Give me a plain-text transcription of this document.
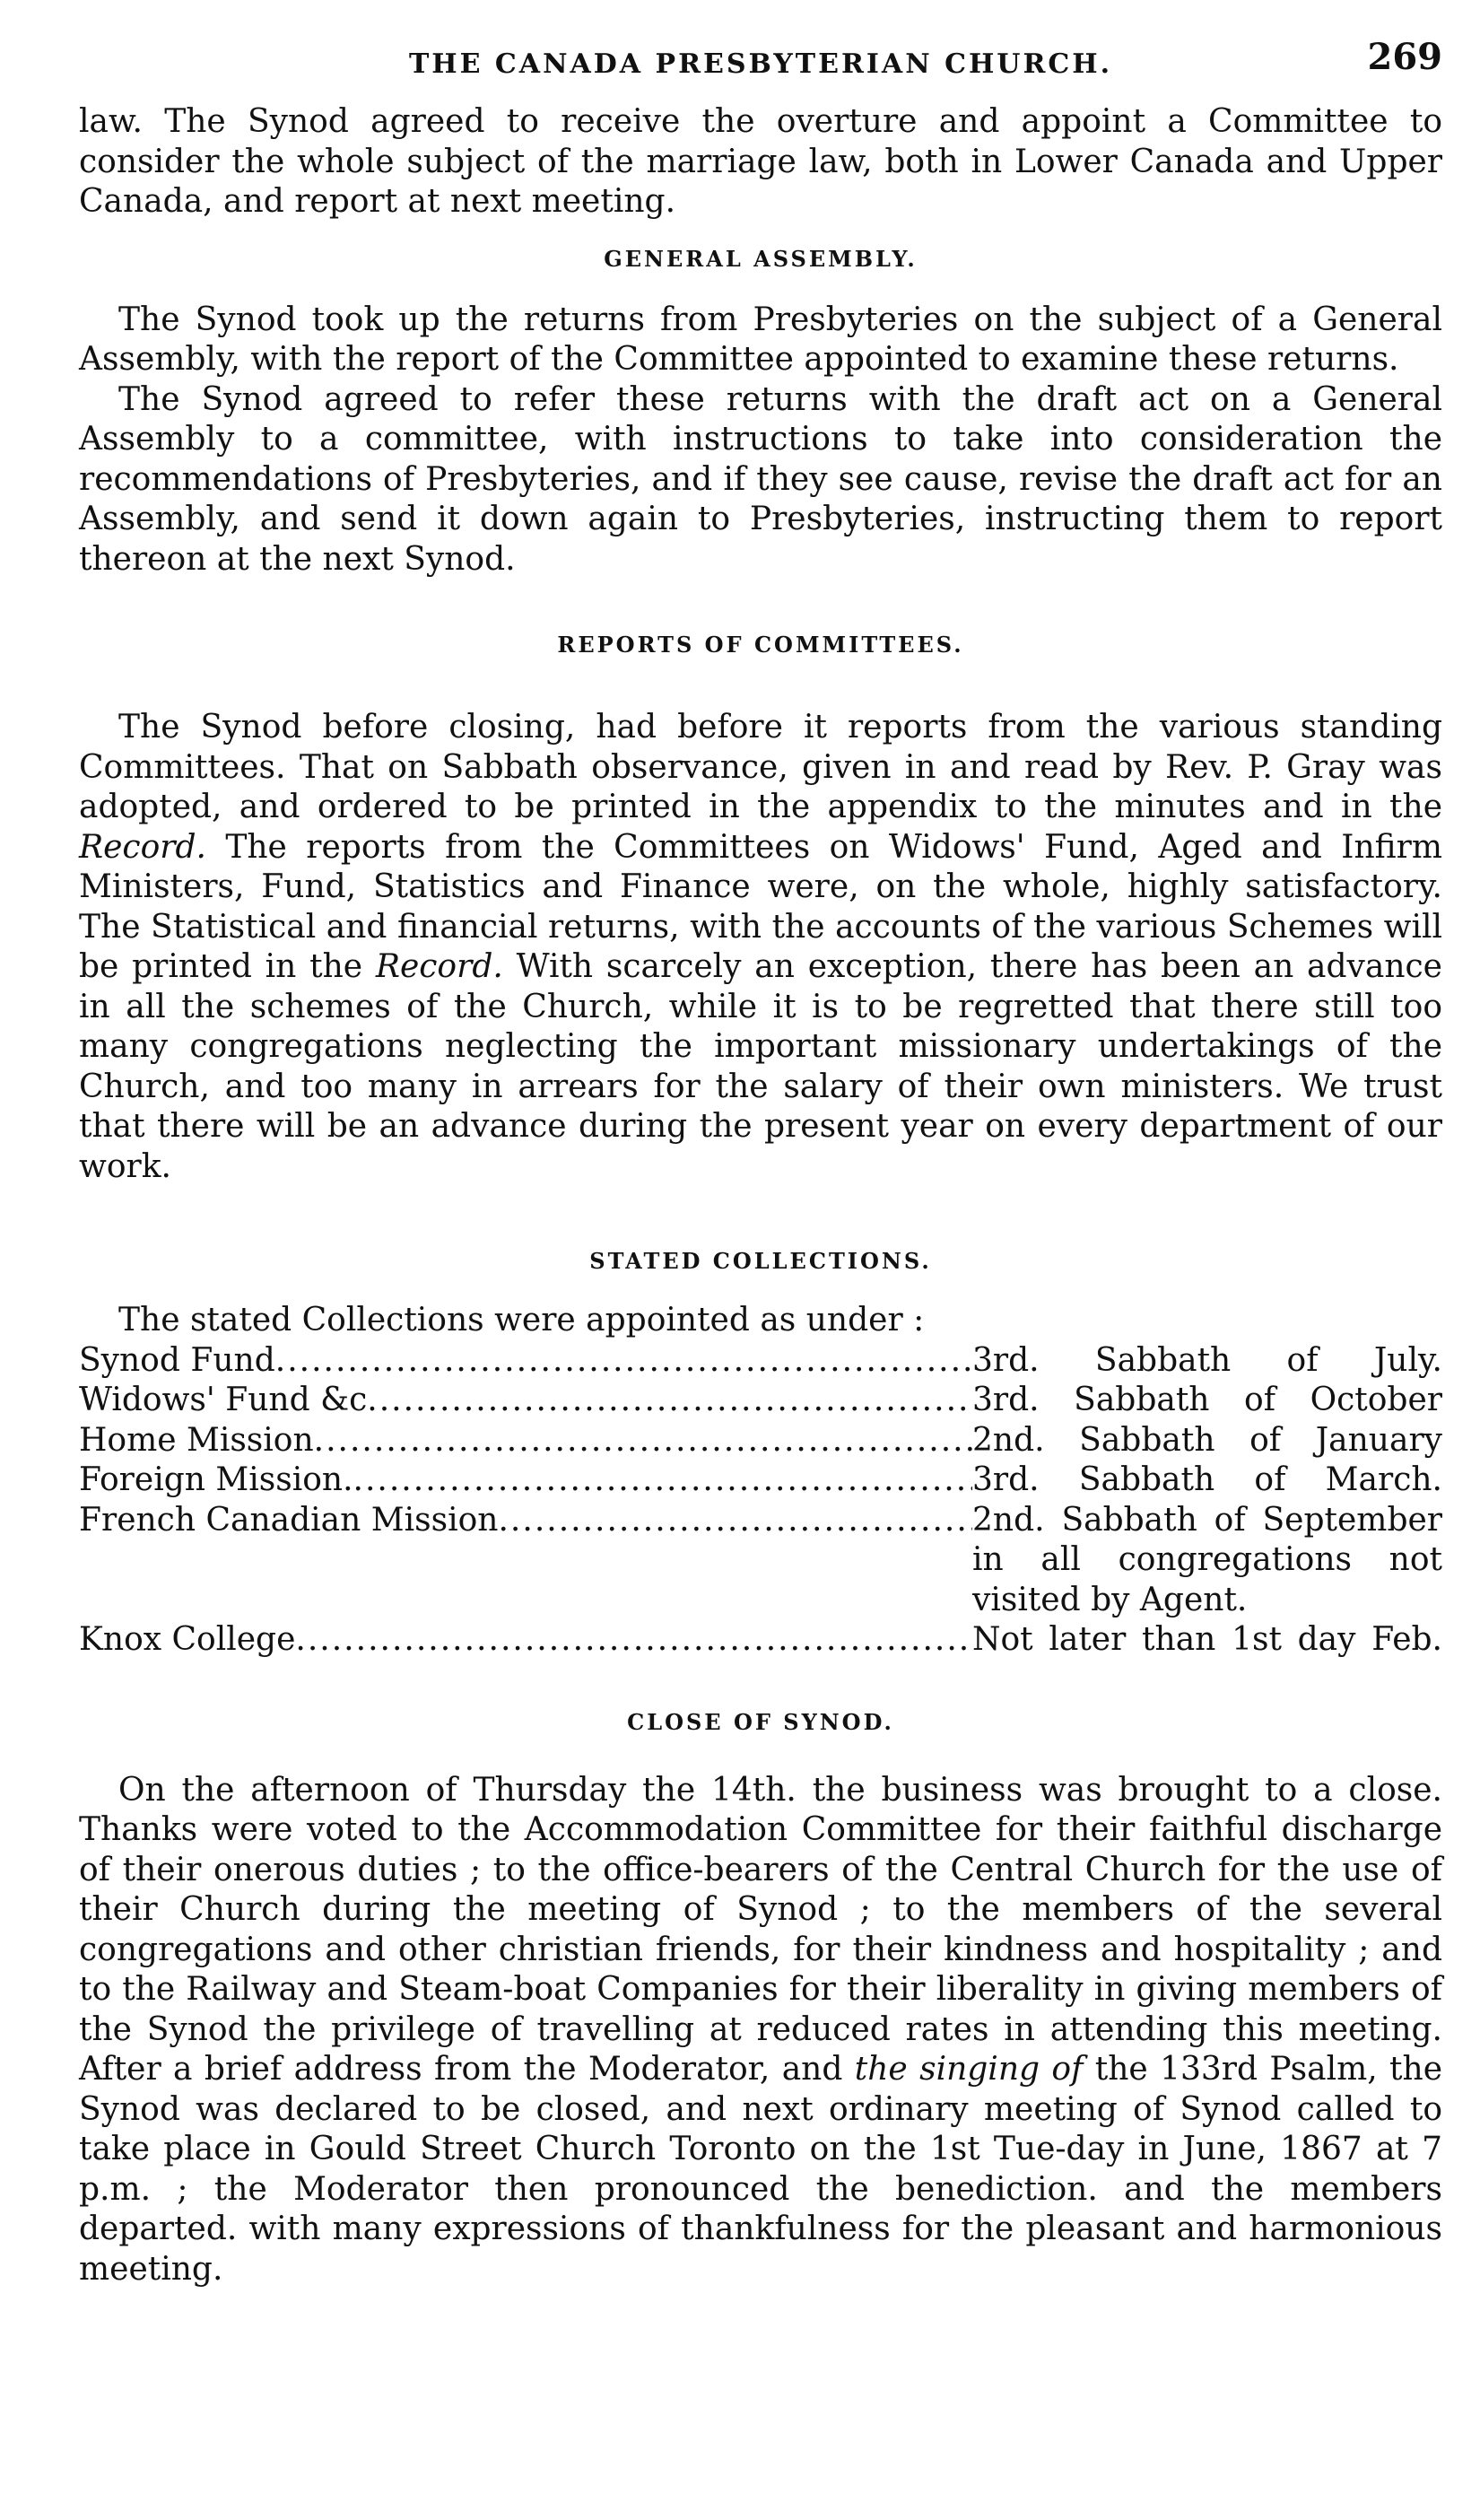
THE CANADA PRESBYTERIAN CHURCH.	269

law. The Synod agreed to receive the overture and appoint a Committee to consider the whole subject of the marriage law, both in Lower Canada and Upper Canada, and report at next meeting.

GENERAL ASSEMBLY.

The Synod took up the returns from Presbyteries on the subject of a General Assembly, with the report of the Committee appointed to examine these returns.

The Synod agreed to refer these returns with the draft act on a General Assembly to a committee, with instructions to take into consideration the recommendations of Presbyteries, and if they see cause, revise the draft act for an Assembly, and send it down again to Presbyteries, instructing them to report thereon at the next Synod.

REPORTS OF COMMITTEES.

The Synod before closing, had before it reports from the various standing Committees. That on Sabbath observance, given in and read by Rev. P. Gray was adopted, and ordered to be printed in the appendix to the minutes and in the Record. The reports from the Committees on Widows' Fund, Aged and Infirm Ministers, Fund, Statistics and Finance were, on the whole, highly satisfactory. The Statistical and financial returns, with the accounts of the various Schemes will be printed in the Record. With scarcely an exception, there has been an advance in all the schemes of the Church, while it is to be regretted that there still too many congregations neglecting the important missionary undertakings of the Church, and too many in arrears for the salary of their own ministers. We trust that there will be an advance during the present year on every department of our work.

STATED COLLECTIONS.

The stated Collections were appointed as under :

Synod Fund .....	3rd. Sabbath of July.
Widows' Fund &c .....	3rd. Sabbath of October
Home Mission .....	2nd. Sabbath of January
Foreign Mission. .....	3rd. Sabbath of March.
French Canadian Mission .....	2nd. Sabbath of September
in all congregations not
visited by Agent.
Knox College .....	Not later than 1st day Feb.
CLOSE OF SYNOD.

On the afternoon of Thursday the 14th. the business was brought to a close. Thanks were voted to the Accommodation Committee for their faithful discharge of their onerous duties ; to the office-bearers of the Central Church for the use of their Church during the meeting of Synod ; to the members of the several congregations and other christian friends, for their kindness and hospitality ; and to the Railway and Steam-boat Companies for their liberality in giving members of the Synod the privilege of travelling at reduced rates in attending this meeting. After a brief address from the Moderator, and the singing of the 133rd Psalm, the Synod was declared to be closed, and next ordinary meeting of Synod called to take place in Gould Street Church Toronto on the 1st Tue-day in June, 1867 at 7 p.m. ; the Moderator then pronounced the benediction. and the members departed. with many expressions of thankfulness for the pleasant and harmonious meeting.
